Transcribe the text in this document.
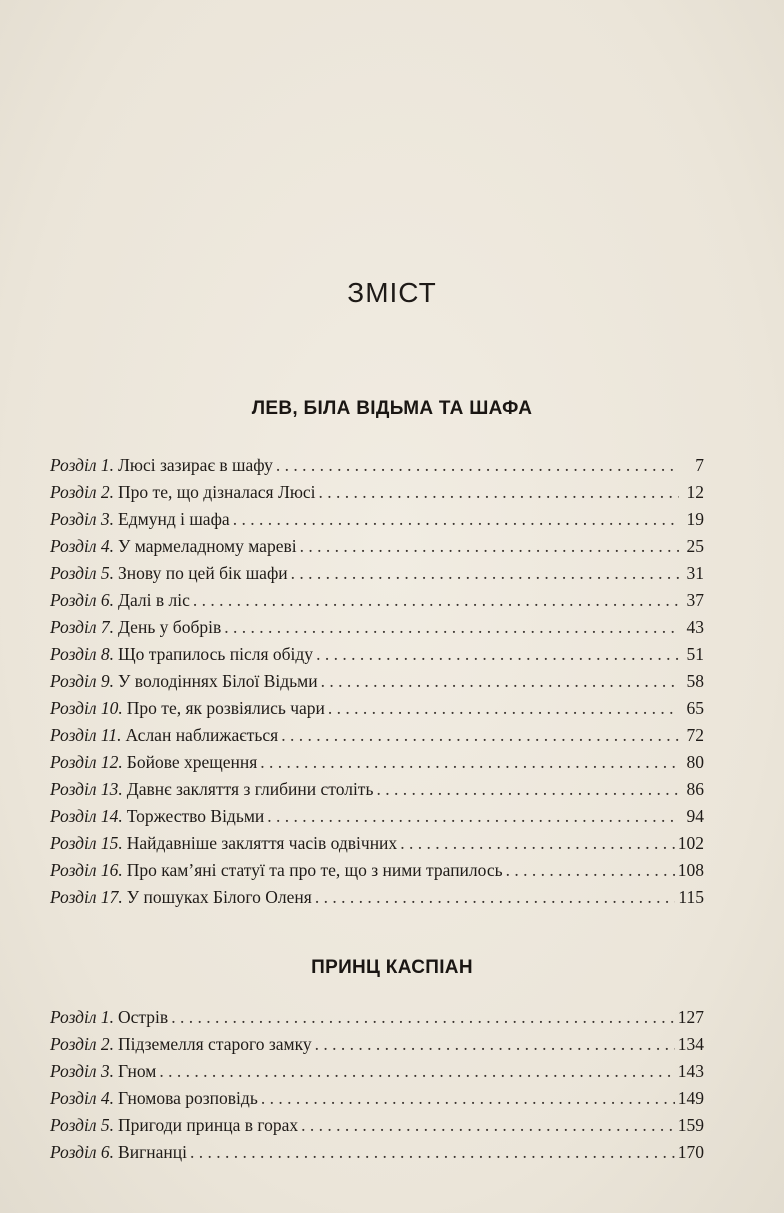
ЗМІСТ
ЛЕВ, БІЛА ВІДЬМА ТА ШАФА
Розділ 1. Люсі зазирає в шафу . . .	7
Розділ 2. Про те, що дізналася Люсі . . .	12
Розділ 3. Едмунд і шафа . . .	19
Розділ 4. У мармеладному мареві . . .	25
Розділ 5. Знову по цей бік шафи . . .	31
Розділ 6. Далі в ліс . . .	37
Розділ 7. День у бобрів . . .	43
Розділ 8. Що трапилось після обіду . . .	51
Розділ 9. У володіннях Білої Відьми . . .	58
Розділ 10. Про те, як розвіялись чари . . .	65
Розділ 11. Аслан наближається . . .	72
Розділ 12. Бойове хрещення . . .	80
Розділ 13. Давнє закляття з глибини століть . . .	86
Розділ 14. Торжество Відьми . . .	94
Розділ 15. Найдавніше закляття часів одвічних . . .	102
Розділ 16. Про кам’яні статуї та про те, що з ними трапилось . . .	108
Розділ 17. У пошуках Білого Оленя . . .	115
ПРИНЦ КАСПІАН
Розділ 1. Острів . . .	127
Розділ 2. Підземелля старого замку . . .	134
Розділ 3. Гном . . .	143
Розділ 4. Гномова розповідь . . .	149
Розділ 5. Пригоди принца в горах . . .	159
Розділ 6. Вигнанці . . .	170
